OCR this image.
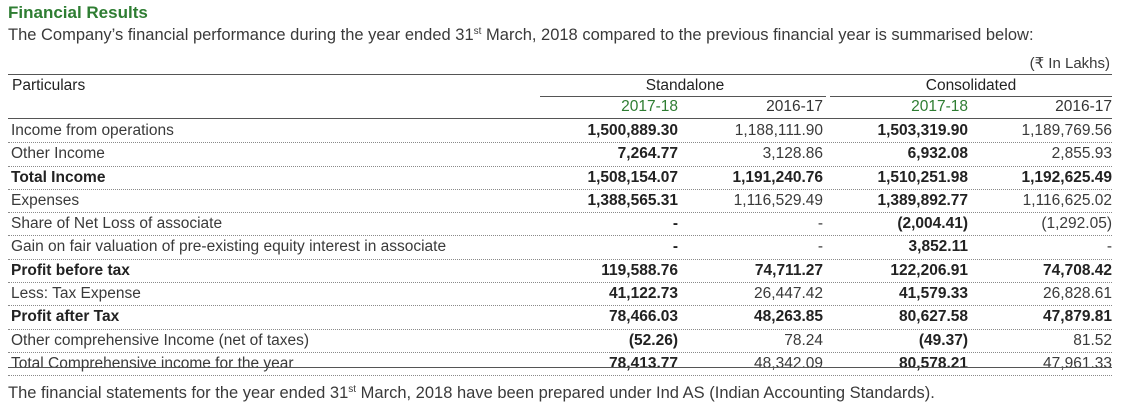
Financial Results
The Company’s financial performance during the year ended 31st March, 2018 compared to the previous financial year is summarised below:
(₹ In Lakhs)
Particulars	Standalone	Consolidated
2017-18	2016-17	2017-18	2016-17
Income from operations	1,500,889.30	1,188,111.90	1,503,319.90	1,189,769.56
Other Income	7,264.77	3,128.86	6,932.08	2,855.93
Total Income	1,508,154.07	1,191,240.76	1,510,251.98	1,192,625.49
Expenses	1,388,565.31	1,116,529.49	1,389,892.77	1,116,625.02
Share of Net Loss of associate	-	-	(2,004.41)	(1,292.05)
Gain on fair valuation of pre-existing equity interest in associate	-	-	3,852.11	-
Profit before tax	119,588.76	74,711.27	122,206.91	74,708.42
Less: Tax Expense	41,122.73	26,447.42	41,579.33	26,828.61
Profit after Tax	78,466.03	48,263.85	80,627.58	47,879.81
Other comprehensive Income (net of taxes)	(52.26)	78.24	(49.37)	81.52
Total Comprehensive income for the year	78,413.77	48,342.09	80,578.21	47,961.33
The financial statements for the year ended 31st March, 2018 have been prepared under Ind AS (Indian Accounting Standards).
